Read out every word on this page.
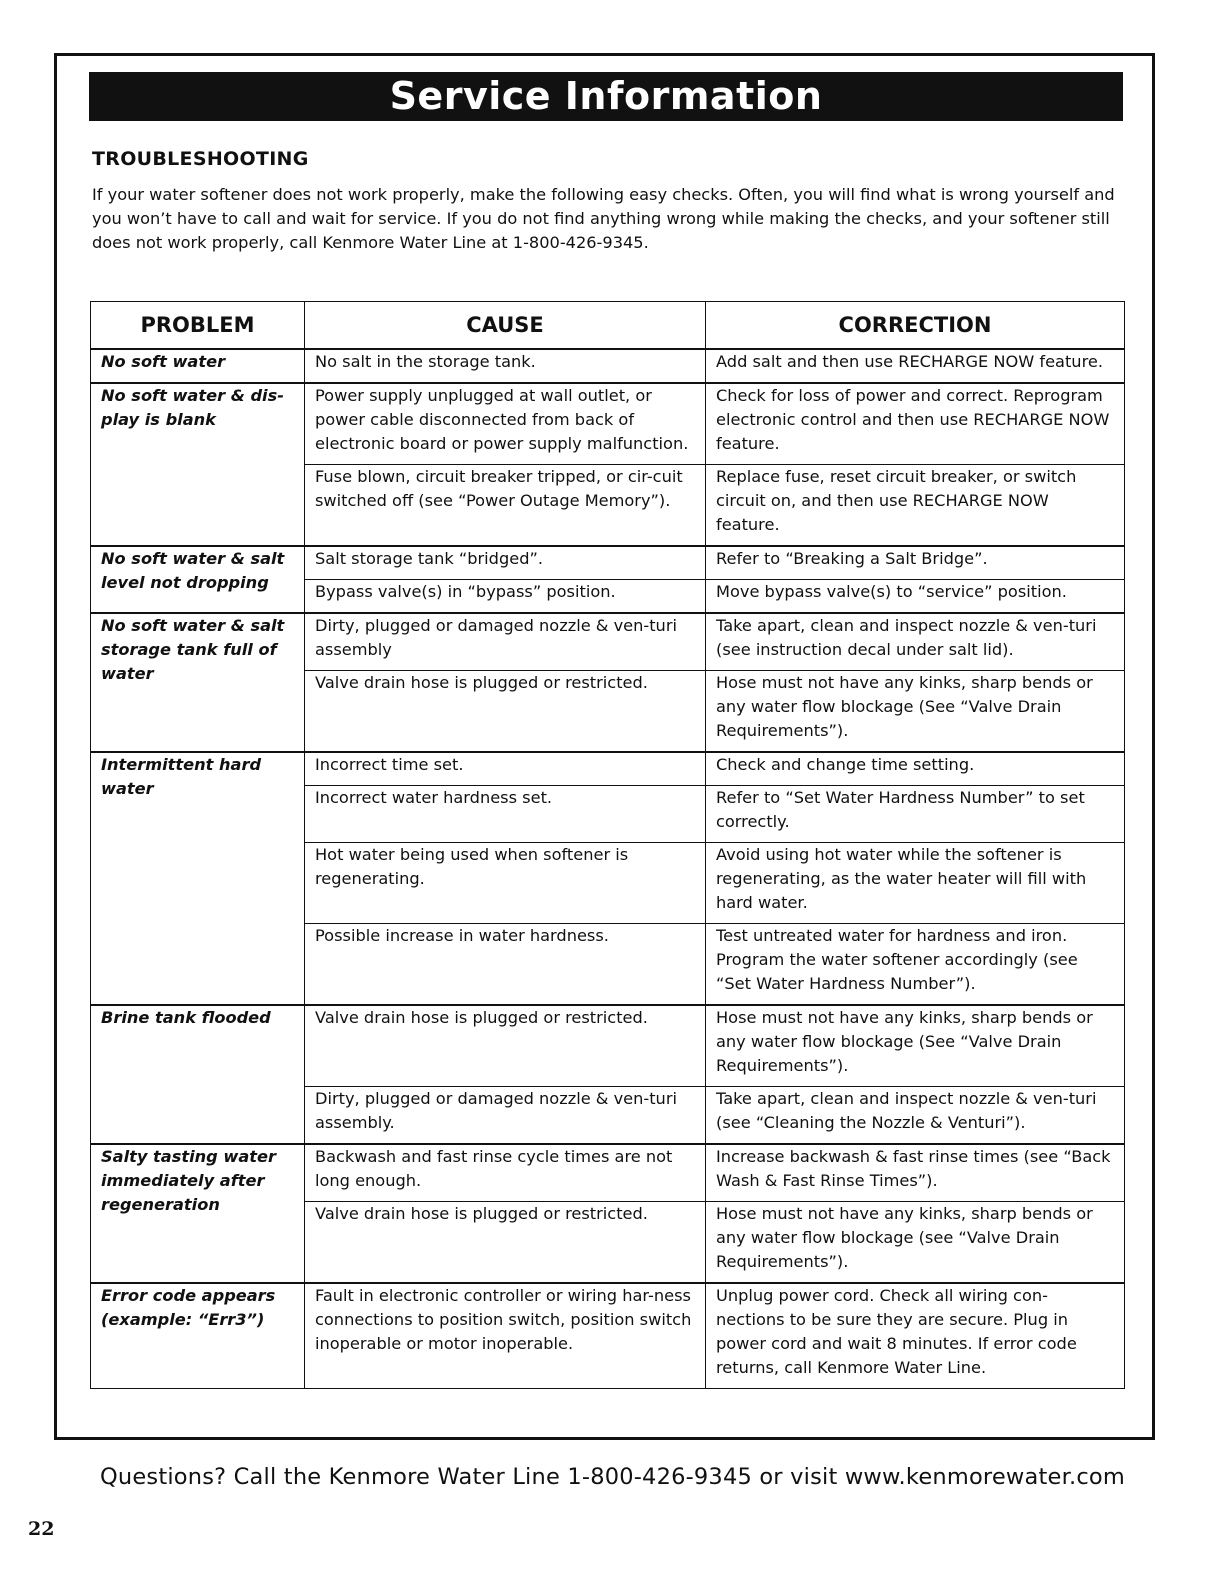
Service Information
TROUBLESHOOTING

If your water softener does not work properly, make the following easy checks. Often, you will find what is wrong yourself and you won’t have to call and wait for service. If you do not find anything wrong while making the checks, and your softener still does not work properly, call Kenmore Water Line at 1-800-426-9345.

PROBLEM	CAUSE	CORRECTION
No soft water	No salt in the storage tank.	Add salt and then use RECHARGE NOW feature.
No soft water & dis-play is blank	Power supply unplugged at wall outlet, or power cable disconnected from back of electronic board or power supply malfunction.	Check for loss of power and correct. Reprogram electronic control and then use RECHARGE NOW feature.
	Fuse blown, circuit breaker tripped, or cir-cuit switched off (see “Power Outage Memory”).	Replace fuse, reset circuit breaker, or switch circuit on, and then use RECHARGE NOW feature.
No soft water & salt level not dropping	Salt storage tank “bridged”.	Refer to “Breaking a Salt Bridge”.
	Bypass valve(s) in “bypass” position.	Move bypass valve(s) to “service” position.
No soft water & salt storage tank full of water	Dirty, plugged or damaged nozzle & ven-turi assembly	Take apart, clean and inspect nozzle & ven-turi (see instruction decal under salt lid).
	Valve drain hose is plugged or restricted.	Hose must not have any kinks, sharp bends or any water flow blockage (See “Valve Drain Requirements”).
Intermittent hard water	Incorrect time set.	Check and change time setting.
	Incorrect water hardness set.	Refer to “Set Water Hardness Number” to set correctly.
	Hot water being used when softener is regenerating.	Avoid using hot water while the softener is regenerating, as the water heater will fill with hard water.
	Possible increase in water hardness.	Test untreated water for hardness and iron. Program the water softener accordingly (see “Set Water Hardness Number”).
Brine tank flooded	Valve drain hose is plugged or restricted.	Hose must not have any kinks, sharp bends or any water flow blockage (See “Valve Drain Requirements”).
	Dirty, plugged or damaged nozzle & ven-turi assembly.	Take apart, clean and inspect nozzle & ven-turi (see “Cleaning the Nozzle & Venturi”).
Salty tasting water immediately after regeneration	Backwash and fast rinse cycle times are not long enough.	Increase backwash & fast rinse times (see “Back Wash & Fast Rinse Times”).
	Valve drain hose is plugged or restricted.	Hose must not have any kinks, sharp bends or any water flow blockage (see “Valve Drain Requirements”).
Error code appears (example: “Err3”)	Fault in electronic controller or wiring har-ness connections to position switch, position switch inoperable or motor inoperable.	Unplug power cord. Check all wiring con-nections to be sure they are secure. Plug in power cord and wait 8 minutes. If error code returns, call Kenmore Water Line.
Questions? Call the Kenmore Water Line 1-800-426-9345 or visit www.kenmorewater.com
22
